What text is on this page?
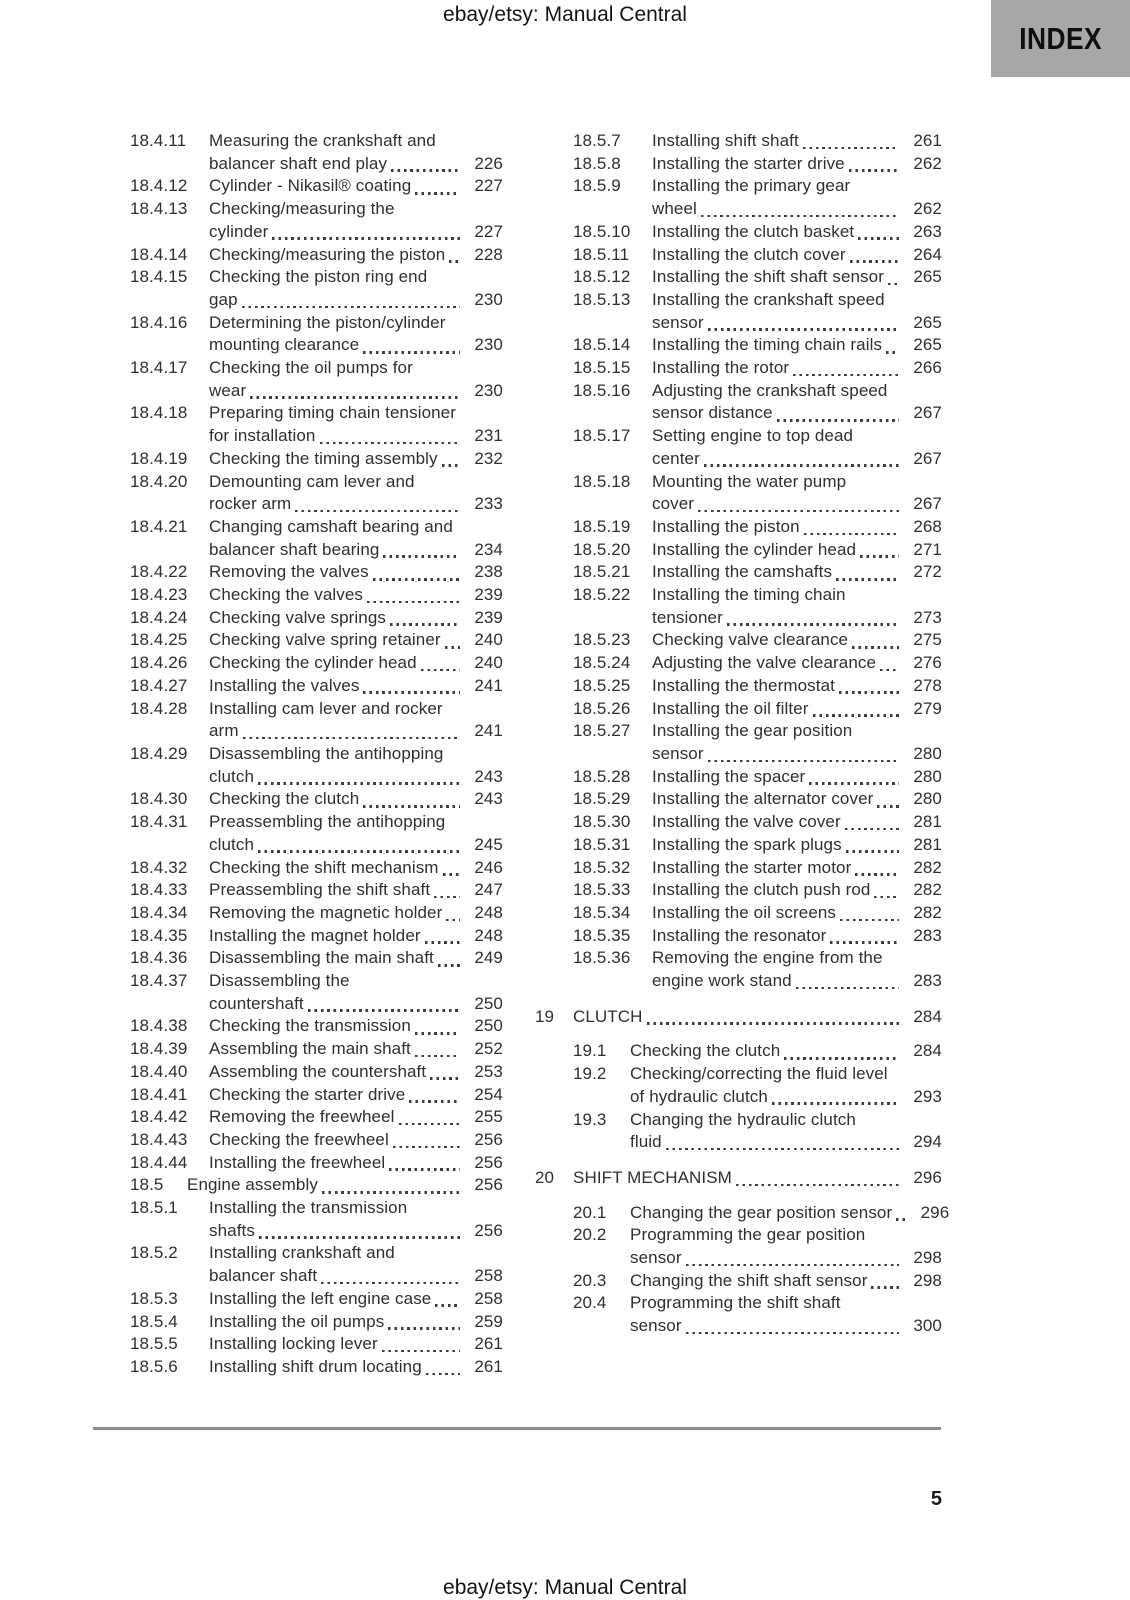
ebay/etsy: Manual Central
INDEX
18.4.11	Measuring the crankshaft and
balancer shaft end play	226
18.4.12	Cylinder - Nikasil® coating	227
18.4.13	Checking/measuring the
cylinder	227
18.4.14	Checking/measuring the piston	228
18.4.15	Checking the piston ring end
gap	230
18.4.16	Determining the piston/cylinder
mounting clearance	230
18.4.17	Checking the oil pumps for
wear	230
18.4.18	Preparing timing chain tensioner
for installation	231
18.4.19	Checking the timing assembly	232
18.4.20	Demounting cam lever and
rocker arm	233
18.4.21	Changing camshaft bearing and
balancer shaft bearing	234
18.4.22	Removing the valves	238
18.4.23	Checking the valves	239
18.4.24	Checking valve springs	239
18.4.25	Checking valve spring retainer	240
18.4.26	Checking the cylinder head	240
18.4.27	Installing the valves	241
18.4.28	Installing cam lever and rocker
arm	241
18.4.29	Disassembling the antihopping
clutch	243
18.4.30	Checking the clutch	243
18.4.31	Preassembling the antihopping
clutch	245
18.4.32	Checking the shift mechanism	246
18.4.33	Preassembling the shift shaft	247
18.4.34	Removing the magnetic holder	248
18.4.35	Installing the magnet holder	248
18.4.36	Disassembling the main shaft	249
18.4.37	Disassembling the
countershaft	250
18.4.38	Checking the transmission	250
18.4.39	Assembling the main shaft	252
18.4.40	Assembling the countershaft	253
18.4.41	Checking the starter drive	254
18.4.42	Removing the freewheel	255
18.4.43	Checking the freewheel	256
18.4.44	Installing the freewheel	256
18.5	Engine assembly	256
18.5.1	Installing the transmission
shafts	256
18.5.2	Installing crankshaft and
balancer shaft	258
18.5.3	Installing the left engine case	258
18.5.4	Installing the oil pumps	259
18.5.5	Installing locking lever	261
18.5.6	Installing shift drum locating	261
18.5.7	Installing shift shaft	261
18.5.8	Installing the starter drive	262
18.5.9	Installing the primary gear
wheel	262
18.5.10	Installing the clutch basket	263
18.5.11	Installing the clutch cover	264
18.5.12	Installing the shift shaft sensor	265
18.5.13	Installing the crankshaft speed
sensor	265
18.5.14	Installing the timing chain rails	265
18.5.15	Installing the rotor	266
18.5.16	Adjusting the crankshaft speed
sensor distance	267
18.5.17	Setting engine to top dead
center	267
18.5.18	Mounting the water pump
cover	267
18.5.19	Installing the piston	268
18.5.20	Installing the cylinder head	271
18.5.21	Installing the camshafts	272
18.5.22	Installing the timing chain
tensioner	273
18.5.23	Checking valve clearance	275
18.5.24	Adjusting the valve clearance	276
18.5.25	Installing the thermostat	278
18.5.26	Installing the oil filter	279
18.5.27	Installing the gear position
sensor	280
18.5.28	Installing the spacer	280
18.5.29	Installing the alternator cover	280
18.5.30	Installing the valve cover	281
18.5.31	Installing the spark plugs	281
18.5.32	Installing the starter motor	282
18.5.33	Installing the clutch push rod	282
18.5.34	Installing the oil screens	282
18.5.35	Installing the resonator	283
18.5.36	Removing the engine from the
engine work stand	283
19	CLUTCH	284
19.1	Checking the clutch	284
19.2	Checking/correcting the fluid level
of hydraulic clutch	293
19.3	Changing the hydraulic clutch
fluid	294
20	SHIFT MECHANISM	296
20.1	Changing the gear position sensor	296
20.2	Programming the gear position
sensor	298
20.3	Changing the shift shaft sensor	298
20.4	Programming the shift shaft
sensor	300
5
ebay/etsy: Manual Central
